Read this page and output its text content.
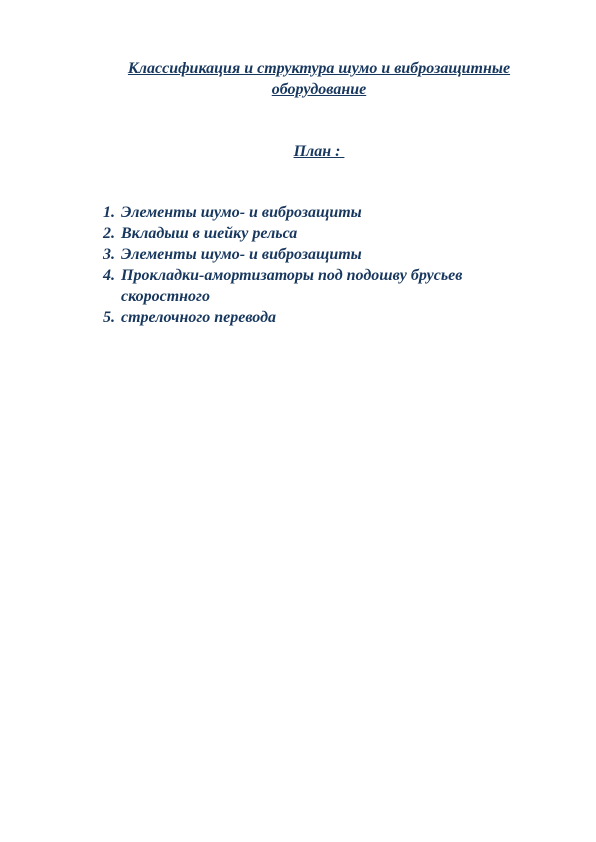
Классификация и структура шумо и виброзащитные оборудование
План :
1. Элементы шумо- и виброзащиты
2. Вкладыш в шейку рельса
3. Элементы шумо- и виброзащиты
4. Прокладки-амортизаторы под подошву брусьев скоростного
5. стрелочного перевода
